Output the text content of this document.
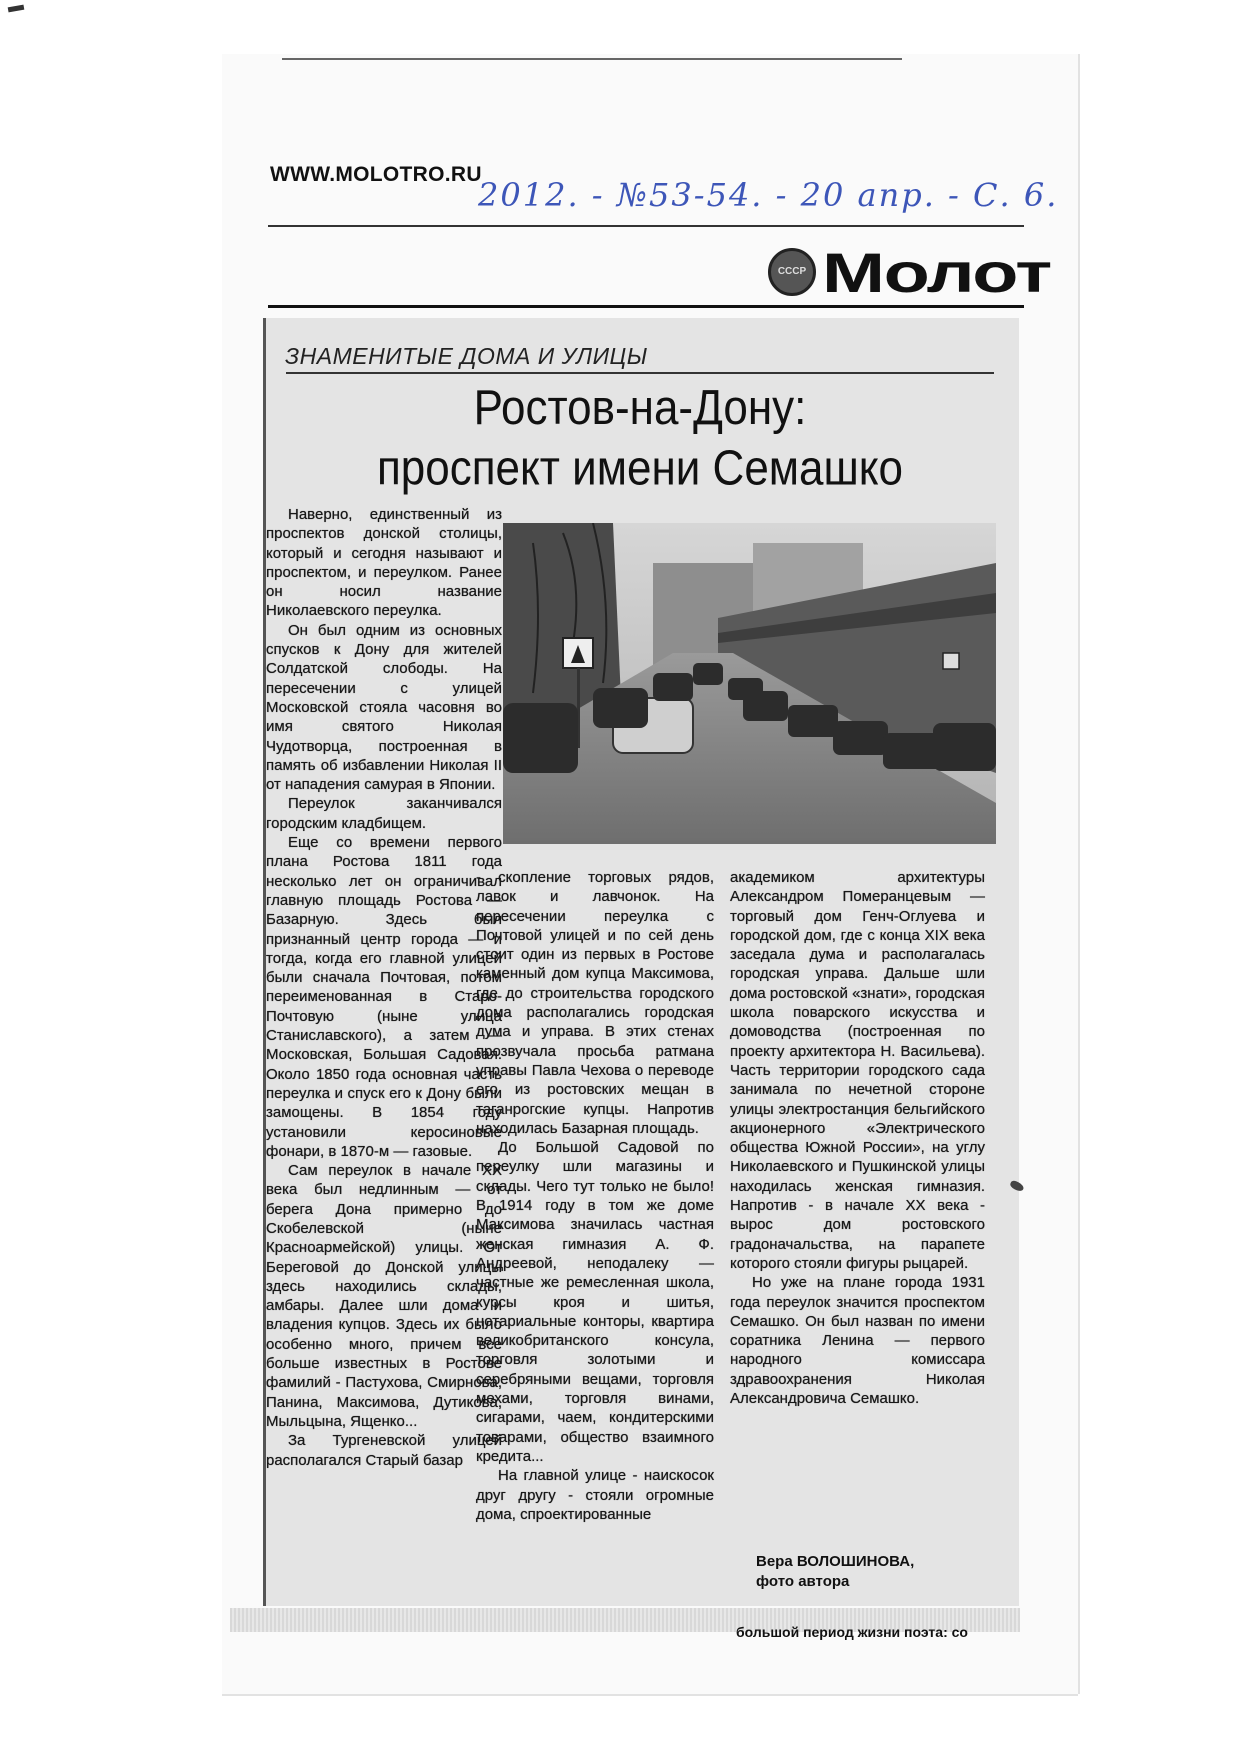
WWW.MOLOTRO.RU
2012. - №53-54. - 20 апр. - С. 6.
СССР Молот
ЗНАМЕНИТЫЕ ДОМА И УЛИЦЫ
Ростов-на-Дону:
проспект имени Семашко

Наверно, единственный из проспектов донской столицы, который и сегодня называют и проспектом, и переулком. Ранее он носил название Николаевского переулка.

Он был одним из основных спусков к Дону для жителей Солдатской слободы. На пересечении с улицей Московской стояла часовня во имя святого Николая Чудотворца, построенная в память об избавлении Николая II от нападения самурая в Японии.

Переулок заканчивался городским кладбищем.

Еще со времени первого плана Ростова 1811 года несколько лет он ограничивал главную площадь Ростова — Базарную. Здесь был признанный центр города — и тогда, когда его главной улицей были сначала Почтовая, потом переименованная в Старо-Почтовую (ныне улица Станиславского), а затем — Московская, Большая Садовая. Около 1850 года основная часть переулка и спуск его к Дону были замощены. В 1854 году установили керосиновые фонари, в 1870-м — газовые.

Сам переулок в начале XX века был недлинным — от берега Дона примерно до Скобелевской (ныне Красноармейской) улицы. От Береговой до Донской улицы здесь находились склады, амбары. Далее шли дома и владения купцов. Здесь их было особенно много, причем все больше известных в Ростове фамилий - Пастухова, Смирнова, Панина, Максимова, Дутикова, Мыльцына, Ященко...

За Тургеневской улицей располагался Старый базар

- скопление торговых рядов, лавок и лавчонок. На пересечении переулка с Почтовой улицей и по сей день стоит один из первых в Ростове каменный дом купца Максимова, где до строительства городского дома располагались городская дума и управа. В этих стенах прозвучала просьба ратмана управы Павла Чехова о переводе его из ростовских мещан в таганрогские купцы. Напротив находилась Базарная площадь.

До Большой Садовой по переулку шли магазины и склады. Чего тут только не было! В 1914 году в том же доме Максимова значилась частная женская гимназия А. Ф. Андреевой, неподалеку — частные же ремесленная школа, курсы кроя и шитья, нотариальные конторы, квартира великобританского консула, торговля золотыми и серебряными вещами, торговля мехами, торговля винами, сигарами, чаем, кондитерскими товарами, общество взаимного кредита...

На главной улице - наискосок друг другу - стояли огромные дома, спроектированные

академиком архитектуры Александром Померанцевым — торговый дом Генч-Оглуева и городской дом, где с конца XIX века заседала дума и располагалась городская управа. Дальше шли дома ростовской «знати», городская школа поварского искусства и домоводства (построенная по проекту архитектора Н. Васильева). Часть территории городского сада занимала по нечетной стороне улицы электростанция бельгийского акционерного «Электрического общества Южной России», на углу Николаевского и Пушкинской улицы находилась женская гимназия. Напротив - в начале XX века - вырос дом ростовского градоначальства, на парапете которого стояли фигуры рыцарей.

Но уже на плане города 1931 года переулок значится проспектом Семашко. Он был назван по имени соратника Ленина — первого народного комиссара здравоохранения Николая Александровича Семашко.

Вера ВОЛОШИНОВА,
фото автора
большой период жизни поэта: со
